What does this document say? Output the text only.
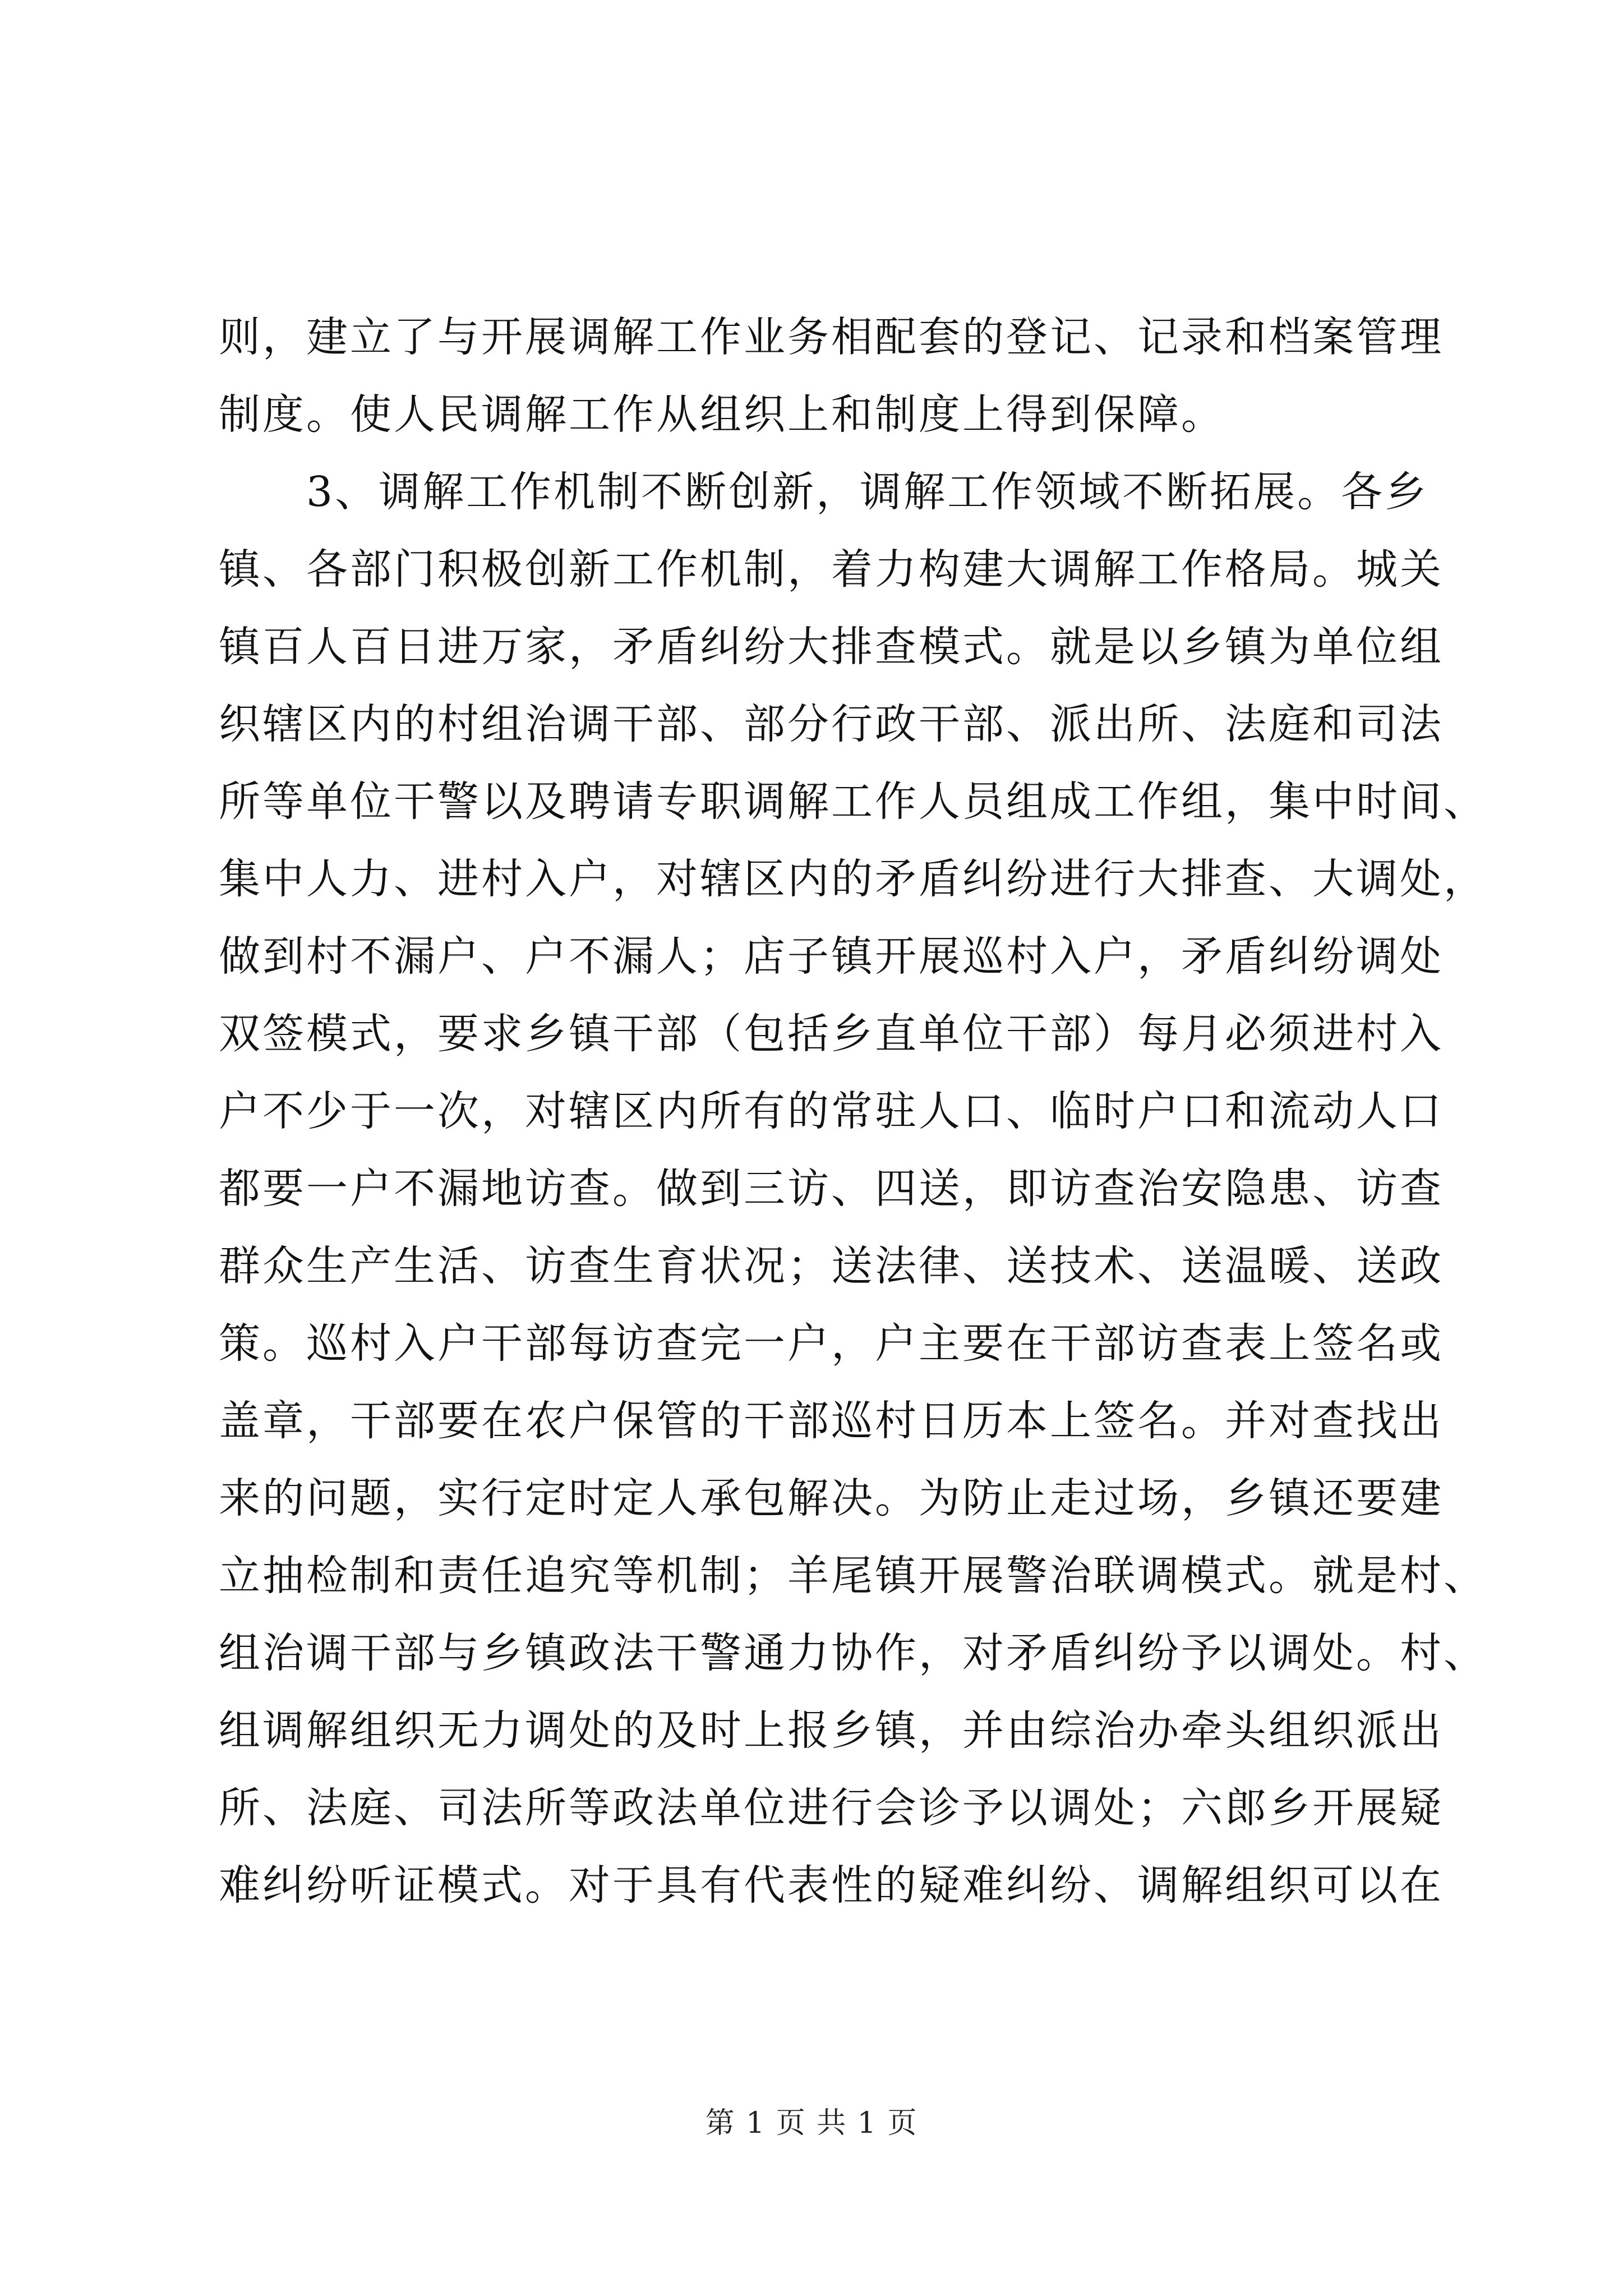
则，建立了与开展调解工作业务相配套的登记、记录和档案管理
制度。使人民调解工作从组织上和制度上得到保障。
　　3、调解工作机制不断创新，调解工作领域不断拓展。各乡
镇、各部门积极创新工作机制，着力构建大调解工作格局。城关
镇百人百日进万家，矛盾纠纷大排查模式。就是以乡镇为单位组
织辖区内的村组治调干部、部分行政干部、派出所、法庭和司法
所等单位干警以及聘请专职调解工作人员组成工作组，集中时间、
集中人力、进村入户，对辖区内的矛盾纠纷进行大排查、大调处，
做到村不漏户、户不漏人；店子镇开展巡村入户，矛盾纠纷调处
双签模式，要求乡镇干部（包括乡直单位干部）每月必须进村入
户不少于一次，对辖区内所有的常驻人口、临时户口和流动人口
都要一户不漏地访查。做到三访、四送，即访查治安隐患、访查
群众生产生活、访查生育状况；送法律、送技术、送温暖、送政
策。巡村入户干部每访查完一户，户主要在干部访查表上签名或
盖章，干部要在农户保管的干部巡村日历本上签名。并对查找出
来的问题，实行定时定人承包解决。为防止走过场，乡镇还要建
立抽检制和责任追究等机制；羊尾镇开展警治联调模式。就是村、
组治调干部与乡镇政法干警通力协作，对矛盾纠纷予以调处。村、
组调解组织无力调处的及时上报乡镇，并由综治办牵头组织派出
所、法庭、司法所等政法单位进行会诊予以调处；六郎乡开展疑
难纠纷听证模式。对于具有代表性的疑难纠纷、调解组织可以在
第 1 页 共 1 页
